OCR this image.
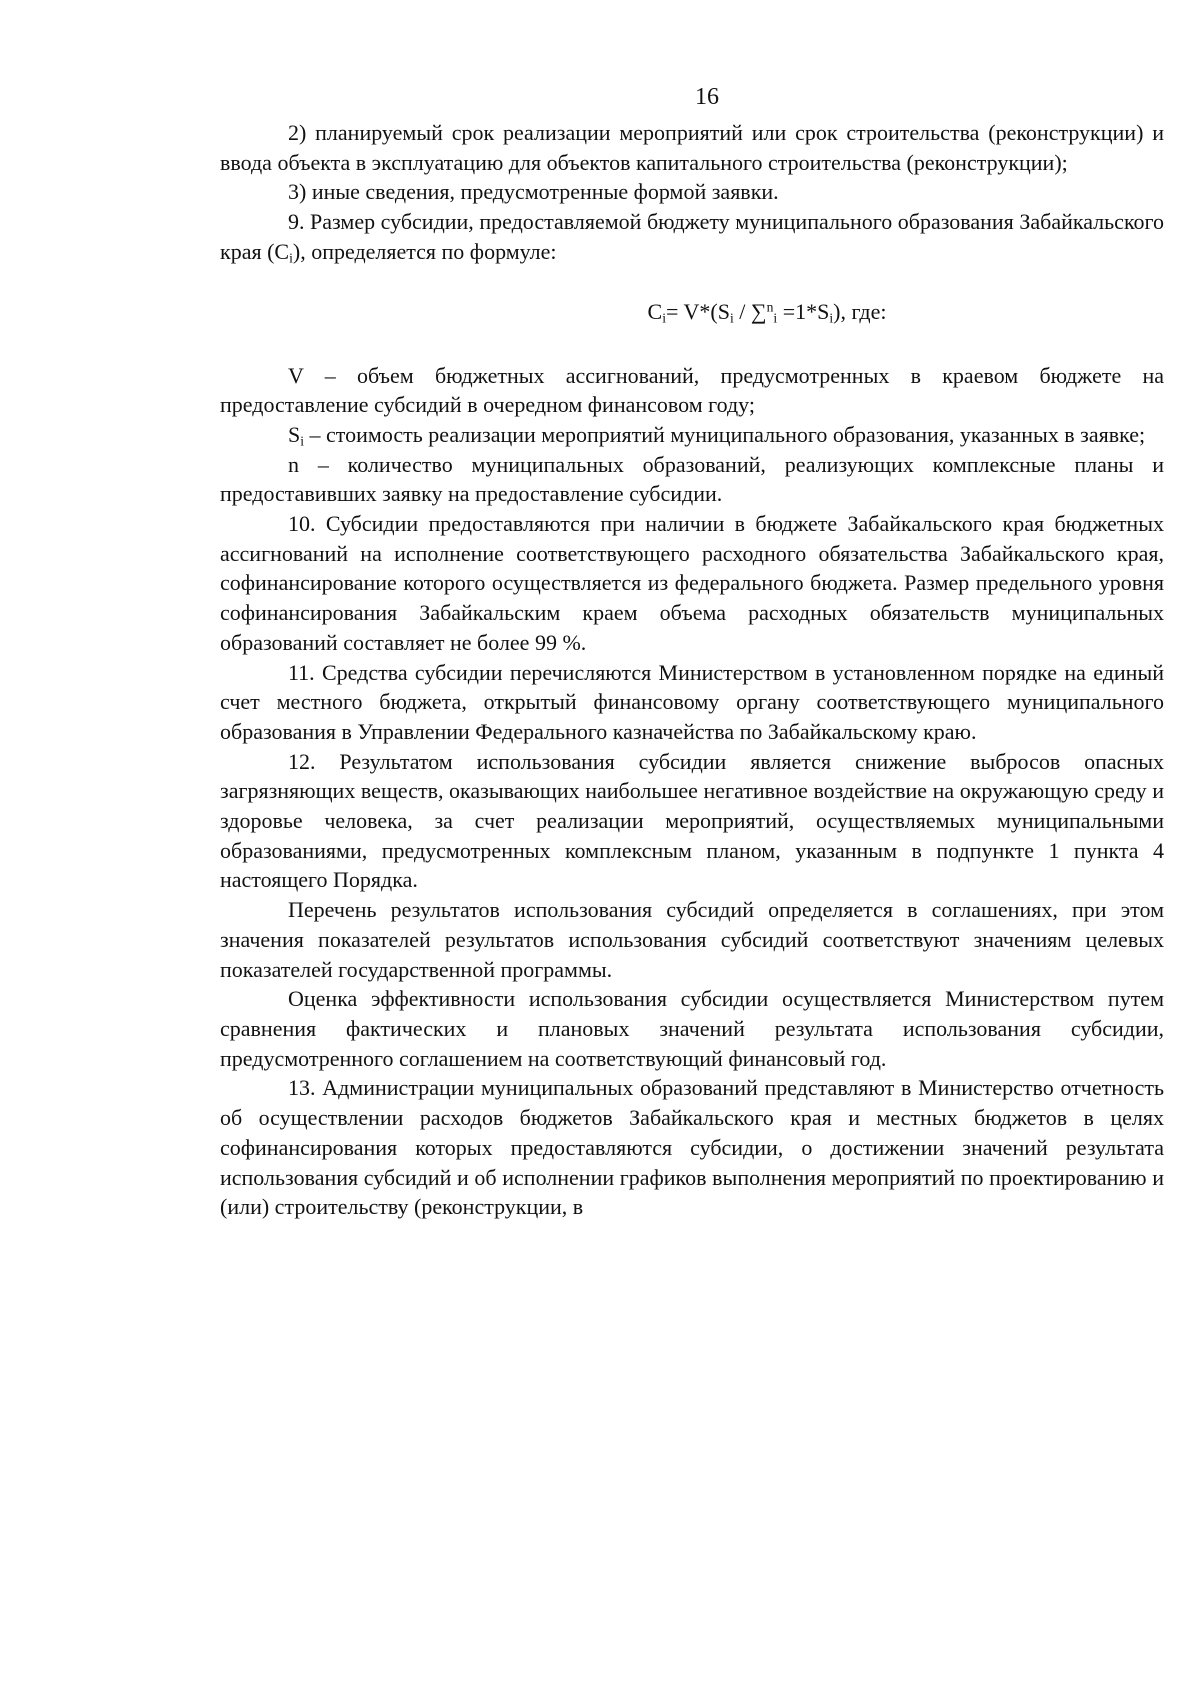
16

2) планируемый срок реализации мероприятий или срок строительства (реконструкции) и ввода объекта в эксплуатацию для объектов капитального строительства (реконструкции);

3) иные сведения, предусмотренные формой заявки.

9. Размер субсидии, предоставляемой бюджету муниципального образования Забайкальского края $(C_i)$, определяется по формуле:

$C_i= V*(S_i / \sum^n_i =1*S_i)$, где:

V – объем бюджетных ассигнований, предусмотренных в краевом бюджете на предоставление субсидий в очередном финансовом году;

$S_i$ – стоимость реализации мероприятий муниципального образования, указанных в заявке;

n – количество муниципальных образований, реализующих комплексные планы и предоставивших заявку на предоставление субсидии.

10. Субсидии предоставляются при наличии в бюджете Забайкальского края бюджетных ассигнований на исполнение соответствующего расходного обязательства Забайкальского края, софинансирование которого осуществляется из федерального бюджета. Размер предельного уровня софинансирования Забайкальским краем объема расходных обязательств муниципальных образований составляет не более 99 %.

11. Средства субсидии перечисляются Министерством в установленном порядке на единый счет местного бюджета, открытый финансовому органу соответствующего муниципального образования в Управлении Федерального казначейства по Забайкальскому краю.

12. Результатом использования субсидии является снижение выбросов опасных загрязняющих веществ, оказывающих наибольшее негативное воздействие на окружающую среду и здоровье человека, за счет реализации мероприятий, осуществляемых муниципальными образованиями, предусмотренных комплексным планом, указанным в подпункте 1 пункта 4 настоящего Порядка.

Перечень результатов использования субсидий определяется в соглашениях, при этом значения показателей результатов использования субсидий соответствуют значениям целевых показателей государственной программы.

Оценка эффективности использования субсидии осуществляется Министерством путем сравнения фактических и плановых значений результата использования субсидии, предусмотренного соглашением на соответствующий финансовый год.

13. Администрации муниципальных образований представляют в Министерство отчетность об осуществлении расходов бюджетов Забайкальского края и местных бюджетов в целях софинансирования которых предоставляются субсидии, о достижении значений результата использования субсидий и об исполнении графиков выполнения мероприятий по проектированию и (или) строительству (реконструкции, в
